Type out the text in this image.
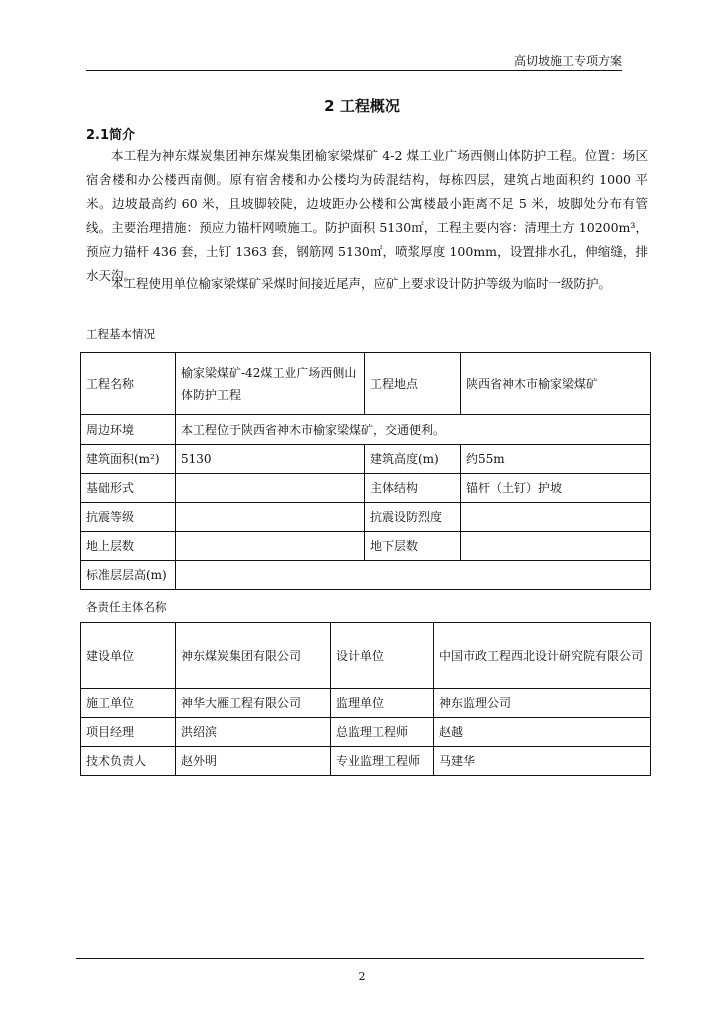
高切坡施工专项方案
2 工程概况
2.1简介

本工程为神东煤炭集团神东煤炭集团榆家梁煤矿 4-2 煤工业广场西侧山体防护工程。位置：场区宿舍楼和办公楼西南侧。原有宿舍楼和办公楼均为砖混结构，每栋四层，建筑占地面积约 1000 平米。边坡最高约 60 米，且坡脚较陡，边坡距办公楼和公寓楼最小距离不足 5 米，坡脚处分布有管线。主要治理措施：预应力锚杆网喷施工。防护面积 5130㎡，工程主要内容：清理土方 10200m³，预应力锚杆 436 套，土钉 1363 套，钢筋网 5130㎡，喷浆厚度 100mm，设置排水孔，伸缩缝，排水天沟。

本工程使用单位榆家梁煤矿采煤时间接近尾声，应矿上要求设计防护等级为临时一级防护。

工程基本情况
工程名称	榆家梁煤矿-42煤工业广场西侧山体防护工程	工程地点	陕西省神木市榆家梁煤矿
周边环境	本工程位于陕西省神木市榆家梁煤矿，交通便利。		
建筑面积(m²)	5130	建筑高度(m)	约55m
基础形式		主体结构	锚杆（土钉）护坡
抗震等级		抗震设防烈度	
地上层数		地下层数	
标准层层高(m)			
各责任主体名称
建设单位	神东煤炭集团有限公司	设计单位	中国市政工程西北设计研究院有限公司
施工单位	神华大雁工程有限公司	监理单位	神东监理公司
项目经理	洪绍滨	总监理工程师	赵越
技术负责人	赵外明	专业监理工程师	马建华
2
